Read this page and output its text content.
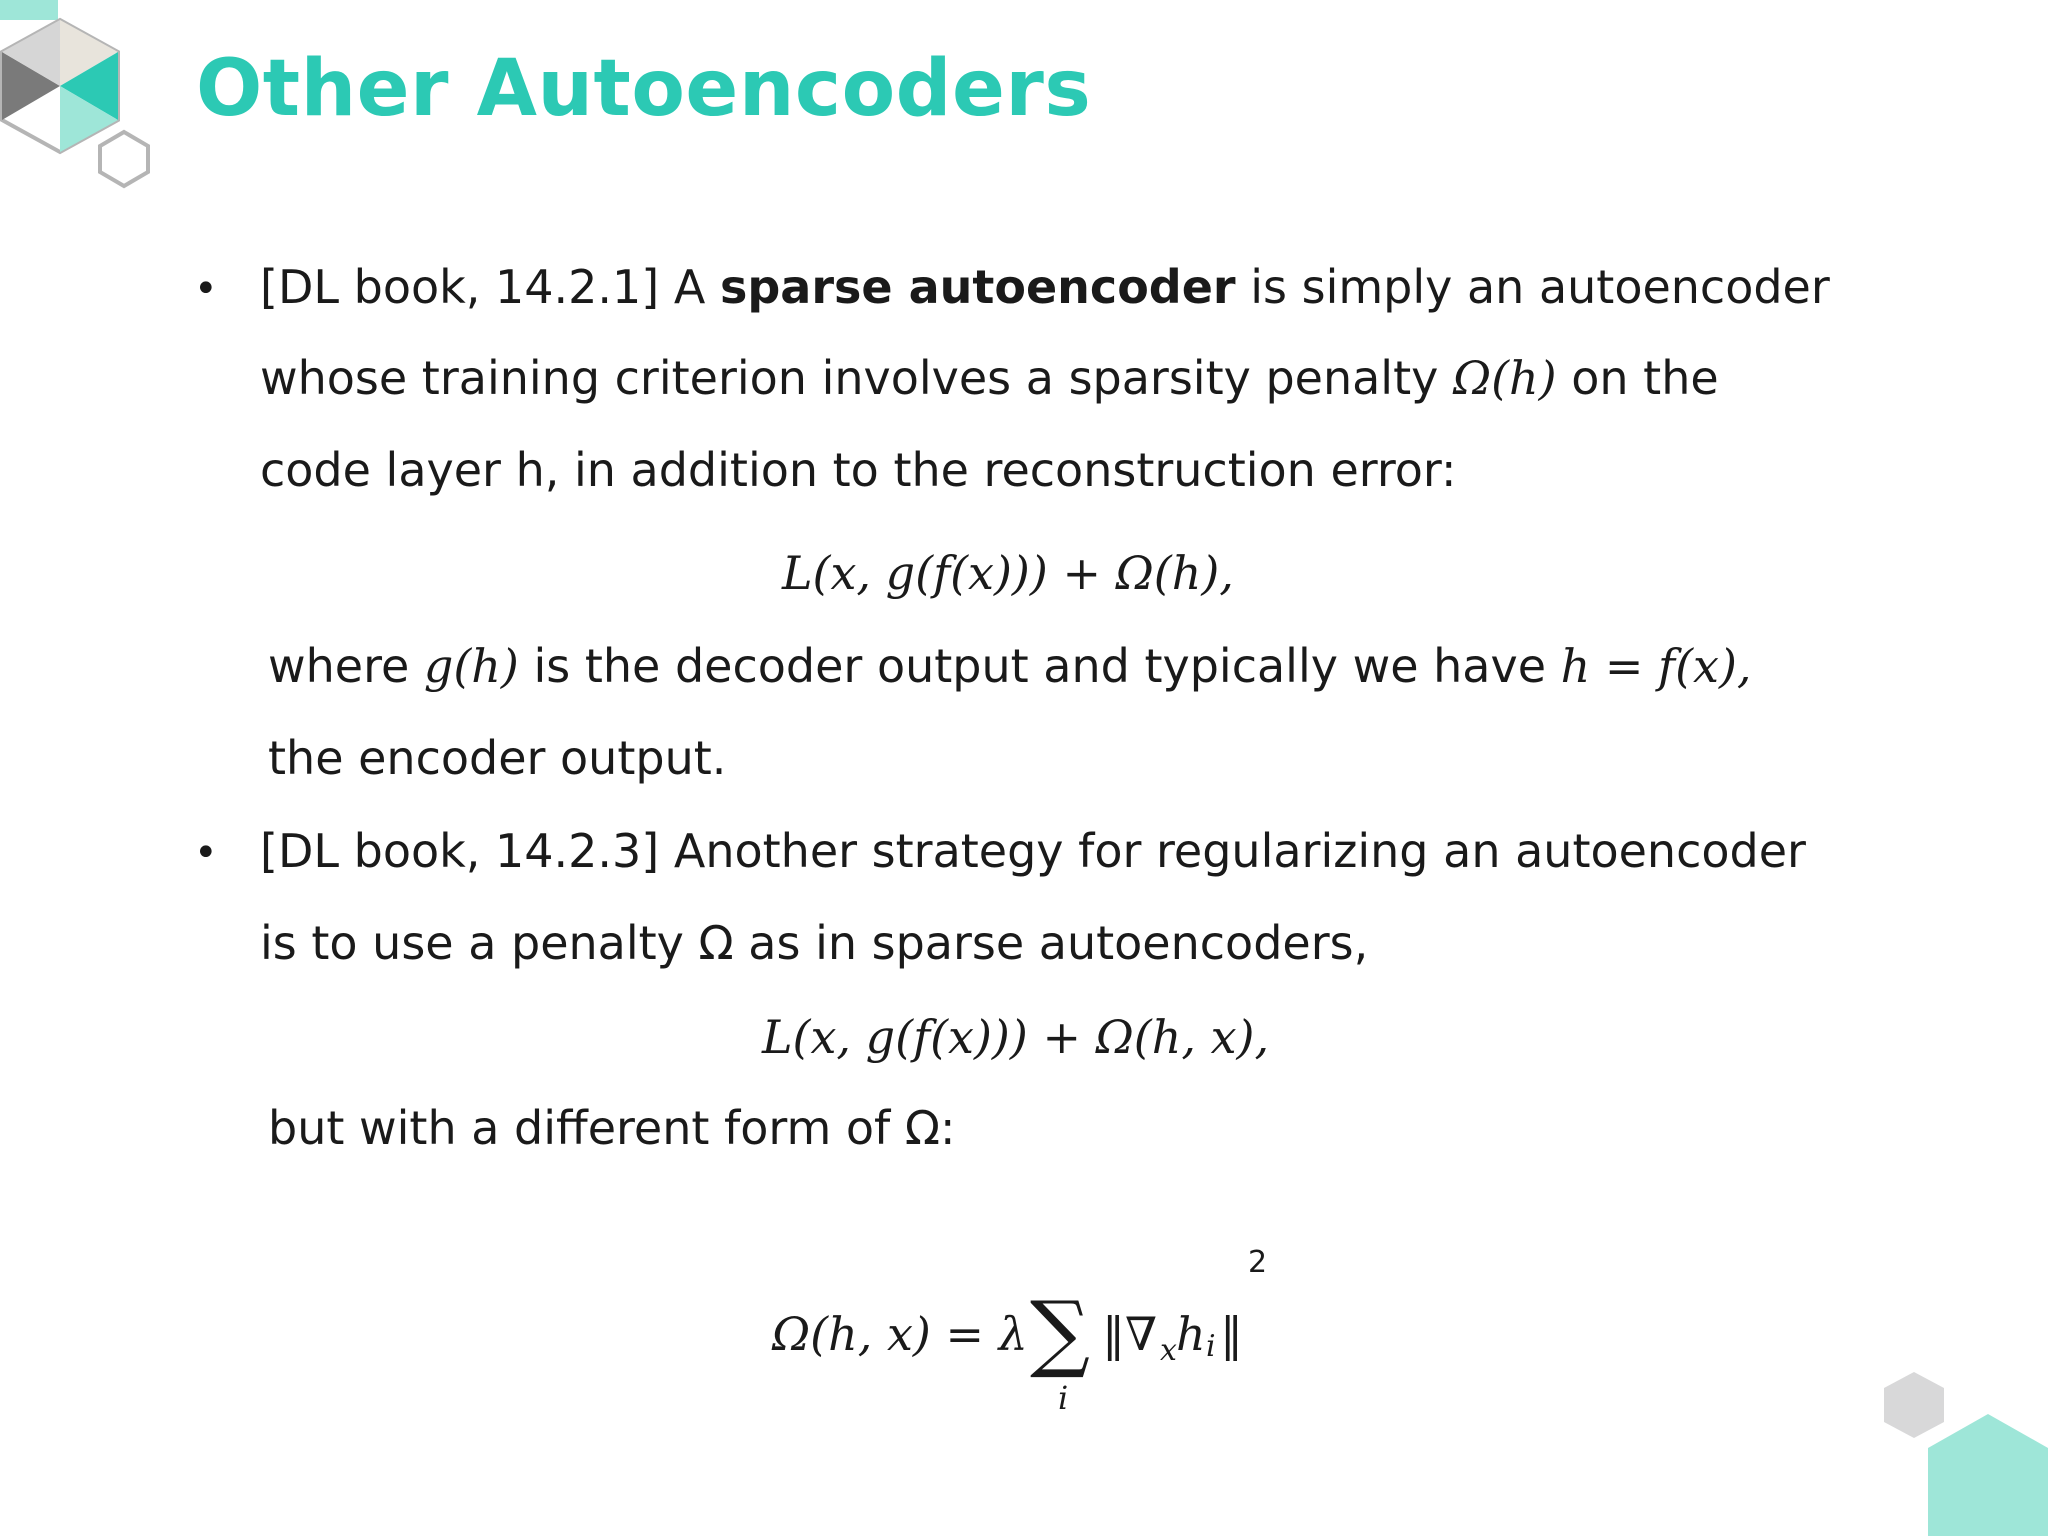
Other Autoencoders
• [DL book, 14.2.1] A sparse autoencoder is simply an autoencoder
whose training criterion involves a sparsity penalty Ω(h) on the
code layer h, in addition to the reconstruction error:
L(x, g(f(x))) + Ω(h),
where g(h) is the decoder output and typically we have h = f(x),
the encoder output.
• [DL book, 14.2.3] Another strategy for regularizing an autoencoder
is to use a penalty Ω as in sparse autoencoders,
L(x, g(f(x))) + Ω(h, x),
but with a different form of Ω:
Ω(h, x) = λ ∑
i
‖∇ x h i ‖
2
